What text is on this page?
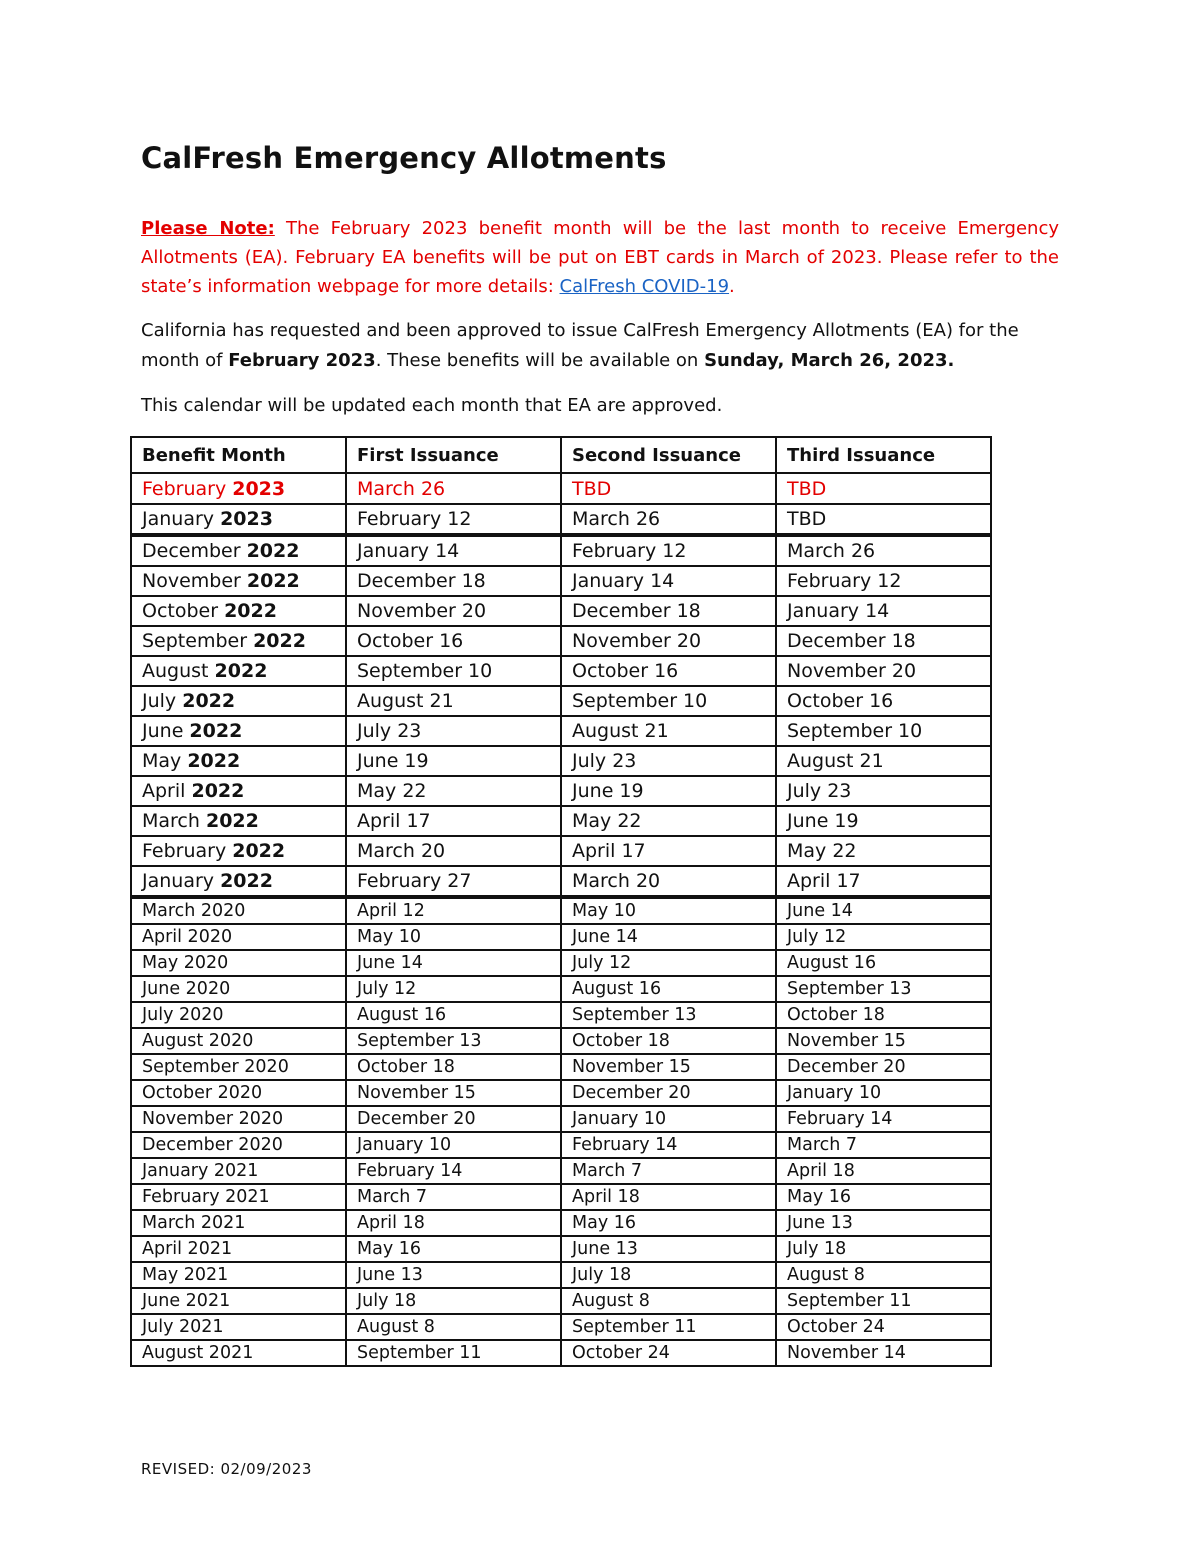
CalFresh Emergency Allotments

Please Note: The February 2023 benefit month will be the last month to receive Emergency Allotments (EA). February EA benefits will be put on EBT cards in March of 2023. Please refer to the state’s information webpage for more details: CalFresh COVID-19.

California has requested and been approved to issue CalFresh Emergency Allotments (EA) for the month of February 2023. These benefits will be available on Sunday, March 26, 2023.

This calendar will be updated each month that EA are approved.

Benefit Month	First Issuance	Second Issuance	Third Issuance
February 2023	March 26	TBD	TBD
January 2023	February 12	March 26	TBD
December 2022	January 14	February 12	March 26
November 2022	December 18	January 14	February 12
October 2022	November 20	December 18	January 14
September 2022	October 16	November 20	December 18
August 2022	September 10	October 16	November 20
July 2022	August 21	September 10	October 16
June 2022	July 23	August 21	September 10
May 2022	June 19	July 23	August 21
April 2022	May 22	June 19	July 23
March 2022	April 17	May 22	June 19
February 2022	March 20	April 17	May 22
January 2022	February 27	March 20	April 17
March 2020	April 12	May 10	June 14
April 2020	May 10	June 14	July 12
May 2020	June 14	July 12	August 16
June 2020	July 12	August 16	September 13
July 2020	August 16	September 13	October 18
August 2020	September 13	October 18	November 15
September 2020	October 18	November 15	December 20
October 2020	November 15	December 20	January 10
November 2020	December 20	January 10	February 14
December 2020	January 10	February 14	March 7
January 2021	February 14	March 7	April 18
February 2021	March 7	April 18	May 16
March 2021	April 18	May 16	June 13
April 2021	May 16	June 13	July 18
May 2021	June 13	July 18	August 8
June 2021	July 18	August 8	September 11
July 2021	August 8	September 11	October 24
August 2021	September 11	October 24	November 14

REVISED: 02/09/2023
